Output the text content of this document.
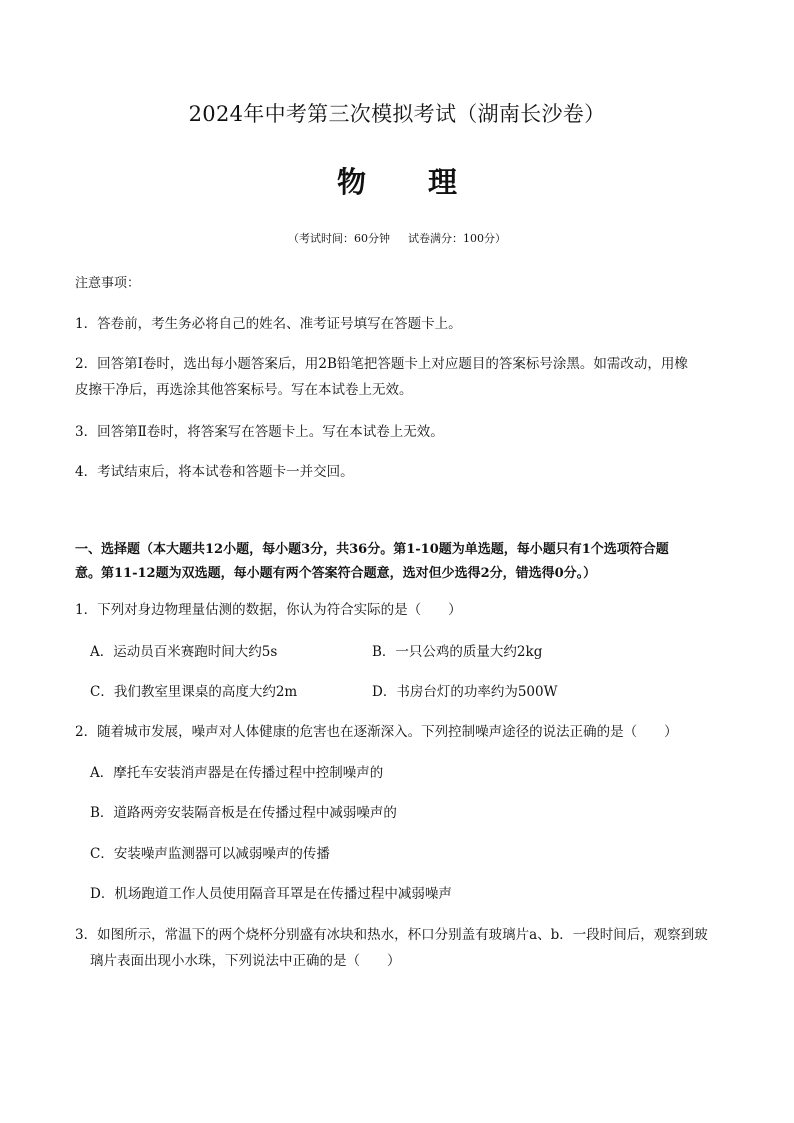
2024年中考第三次模拟考试（湖南长沙卷）
物 理
（考试时间：60分钟 试卷满分：100分）
注意事项：
1．答卷前，考生务必将自己的姓名、准考证号填写在答题卡上。
2．回答第Ⅰ卷时，选出每小题答案后，用2B铅笔把答题卡上对应题目的答案标号涂黑。如需改动，用橡
皮擦干净后，再选涂其他答案标号。写在本试卷上无效。
3．回答第Ⅱ卷时，将答案写在答题卡上。写在本试卷上无效。
4．考试结束后，将本试卷和答题卡一并交回。
一、选择题（本大题共12小题，每小题3分，共36分。第1-10题为单选题，每小题只有1个选项符合题
意。第11-12题为双选题，每小题有两个答案符合题意，选对但少选得2分，错选得0分。）
1．下列对身边物理量估测的数据，你认为符合实际的是（　　）
A．运动员百米赛跑时间大约5s	B．一只公鸡的质量大约2kg
C．我们教室里课桌的高度大约2m	D．书房台灯的功率约为500W
2．随着城市发展，噪声对人体健康的危害也在逐渐深入。下列控制噪声途径的说法正确的是（　　）
A．摩托车安装消声器是在传播过程中控制噪声的
B．道路两旁安装隔音板是在传播过程中减弱噪声的
C．安装噪声监测器可以减弱噪声的传播
D．机场跑道工作人员使用隔音耳罩是在传播过程中减弱噪声
3．如图所示，常温下的两个烧杯分别盛有冰块和热水，杯口分别盖有玻璃片a、b．一段时间后，观察到玻
璃片表面出现小水珠，下列说法中正确的是（　　）
